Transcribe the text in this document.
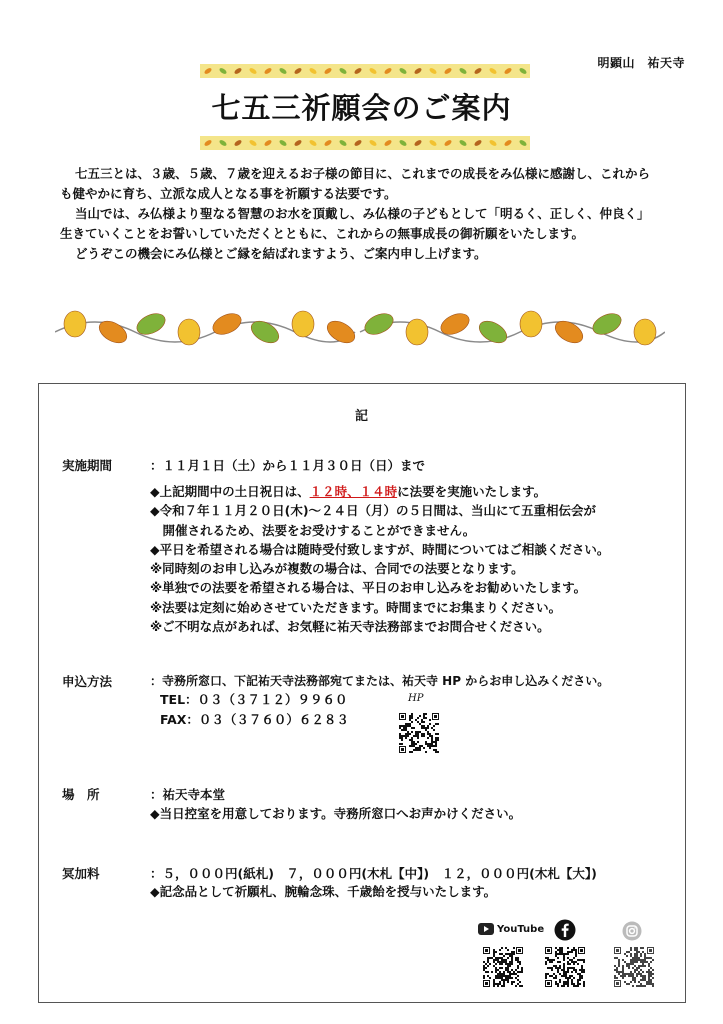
明顕山　祐天寺
七五三祈願会のご案内

七五三とは、３歳、５歳、７歳を迎えるお子様の節目に、これまでの成長をみ仏様に感謝し、これからも健やかに育ち、立派な成人となる事を祈願する法要です。

当山では、み仏様より聖なる智慧のお水を頂戴し、み仏様の子どもとして「明るく、正しく、仲良く」生きていくことをお誓いしていただくとともに、これからの無事成長の御祈願をいたします。

どうぞこの機会にみ仏様とご縁を結ばれますよう、ご案内申し上げます。

記
実施期間	：１１月１日（土）から１１月３０日（日）まで
◆上記期間中の土日祝日は、１２時、１４時に法要を実施いたします。
◆令和７年１１月２０日(木)～２４日（月）の５日間は、当山にて五重相伝会が
開催されるため、法要をお受けすることができません。
◆平日を希望される場合は随時受付致しますが、時間についてはご相談ください。
※同時刻のお申し込みが複数の場合は、合同での法要となります。
※単独での法要を希望される場合は、平日のお申し込みをお勧めいたします。
※法要は定刻に始めさせていただきます。時間までにお集まりください。
※ご不明な点があれば、お気軽に祐天寺法務部までお問合せください。
申込方法	：寺務所窓口、下記祐天寺法務部宛てまたは、祐天寺 HP からお申し込みください。
TEL：０３（３７１２）９９６０
FAX：０３（３７６０）６２８３
HP
場　所	：祐天寺本堂
◆当日控室を用意しております。寺務所窓口へお声かけください。
冥加料	：５，０００円(紙札)　７，０００円(木札【中】)　１２，０００円(木札【大】)
◆記念品として祈願札、腕輪念珠、千歳飴を授与いたします。
YouTube
